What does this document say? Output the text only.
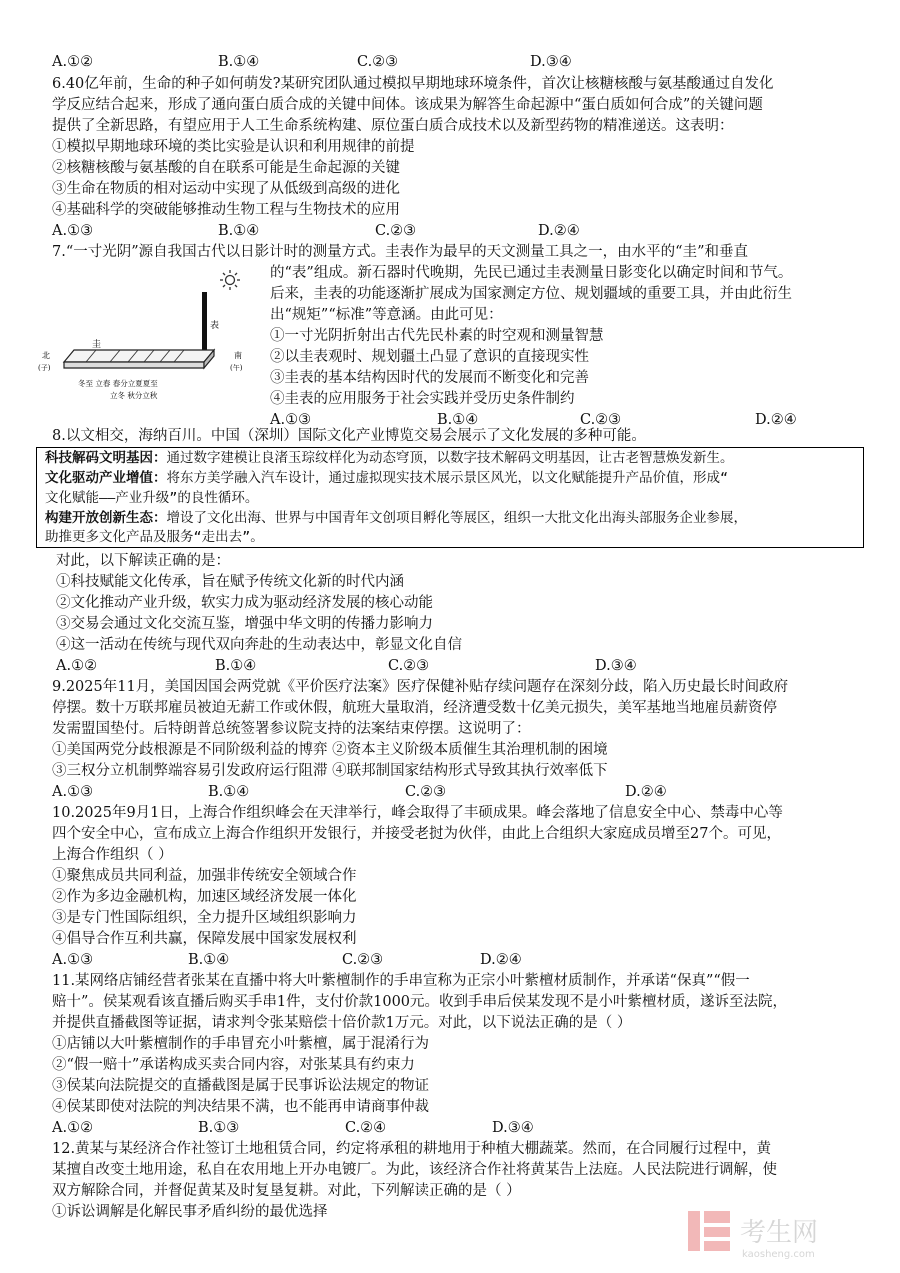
A.①②	B.①④	C.②③	D.③④
6.40亿年前，生命的种子如何萌发?某研究团队通过模拟早期地球环境条件，首次让核糖核酸与氨基酸通过自发化
学反应结合起来，形成了通向蛋白质合成的关键中间体。该成果为解答生命起源中“蛋白质如何合成”的关键问题
提供了全新思路，有望应用于人工生命系统构建、原位蛋白质合成技术以及新型药物的精准递送。这表明：
①模拟早期地球环境的类比实验是认识和利用规律的前提
②核糖核酸与氨基酸的自在联系可能是生命起源的关键
③生命在物质的相对运动中实现了从低级到高级的进化
④基础科学的突破能够推动生物工程与生物技术的应用
A.①③	B.①④	C.②③	D.②④
7.“一寸光阴”源自我国古代以日影计时的测量方式。圭表作为最早的天文测量工具之一，由水平的“圭”和垂直
的“表”组成。新石器时代晚期，先民已通过圭表测量日影变化以确定时间和节气。
后来，圭表的功能逐渐扩展成为国家测定方位、规划疆域的重要工具，并由此衍生
出“规矩”“标准”等意涵。由此可见：
①一寸光阴折射出古代先民朴素的时空观和测量智慧
②以圭表观时、规划疆土凸显了意识的直接现实性
③圭表的基本结构因时代的发展而不断变化和完善
④圭表的应用服务于社会实践并受历史条件制约
A.①③	B.①④	C.②③	D.②④
圭
表
北
(子)
南
(午)
冬至 立春 春分立夏夏至
立冬 秋分立秋
8.以文相交，海纳百川。中国（深圳）国际文化产业博览交易会展示了文化发展的多种可能。
科技解码文明基因：通过数字建模让良渚玉琮纹样化为动态穹顶，以数字技术解码文明基因，让古老智慧焕发新生。
文化驱动产业增值：将东方美学融入汽车设计，通过虚拟现实技术展示景区风光，以文化赋能提升产品价值，形成“
文化赋能——产业升级”的良性循环。
构建开放创新生态：增设了文化出海、世界与中国青年文创项目孵化等展区，组织一大批文化出海头部服务企业参展，
助推更多文化产品及服务“走出去”。
对此，以下解读正确的是：
①科技赋能文化传承，旨在赋予传统文化新的时代内涵
②文化推动产业升级，软实力成为驱动经济发展的核心动能
③交易会通过文化交流互鉴，增强中华文明的传播力影响力
④这一活动在传统与现代双向奔赴的生动表达中，彰显文化自信
A.①②	B.①④	C.②③	D.③④
9.2025年11月，美国因国会两党就《平价医疗法案》医疗保健补贴存续问题存在深刻分歧，陷入历史最长时间政府
停摆。数十万联邦雇员被迫无薪工作或休假，航班大量取消，经济遭受数十亿美元损失，美军基地当地雇员薪资停
发需盟国垫付。后特朗普总统签署参议院支持的法案结束停摆。这说明了：
①美国两党分歧根源是不同阶级利益的博弈 ②资本主义阶级本质催生其治理机制的困境
③三权分立机制弊端容易引发政府运行阻滞 ④联邦制国家结构形式导致其执行效率低下
A.①③	B.①④	C.②③	D.②④
10.2025年9月1日，上海合作组织峰会在天津举行，峰会取得了丰硕成果。峰会落地了信息安全中心、禁毒中心等
四个安全中心，宣布成立上海合作组织开发银行，并接受老挝为伙伴，由此上合组织大家庭成员增至27个。可见，
上海合作组织（ ）
①聚焦成员共同利益，加强非传统安全领域合作
②作为多边金融机构，加速区域经济发展一体化
③是专门性国际组织，全力提升区域组织影响力
④倡导合作互利共赢，保障发展中国家发展权利
A.①③	B.①④	C.②③	D.②④
11.某网络店铺经营者张某在直播中将大叶紫檀制作的手串宣称为正宗小叶紫檀材质制作，并承诺“保真”“假一
赔十”。侯某观看该直播后购买手串1件，支付价款1000元。收到手串后侯某发现不是小叶紫檀材质，遂诉至法院，
并提供直播截图等证据，请求判令张某赔偿十倍价款1万元。对此，以下说法正确的是（ ）
①店铺以大叶紫檀制作的手串冒充小叶紫檀，属于混淆行为
②“假一赔十”承诺构成买卖合同内容，对张某具有约束力
③侯某向法院提交的直播截图是属于民事诉讼法规定的物证
④侯某即使对法院的判决结果不满，也不能再申请商事仲裁
A.①②	B.①③	C.②④	D.③④
12.黄某与某经济合作社签订土地租赁合同，约定将承租的耕地用于种植大棚蔬菜。然而，在合同履行过程中，黄
某擅自改变土地用途，私自在农用地上开办电镀厂。为此，该经济合作社将黄某告上法庭。人民法院进行调解，使
双方解除合同，并督促黄某及时复垦复耕。对此，下列解读正确的是（ ）
①诉讼调解是化解民事矛盾纠纷的最优选择
考生网
kaosheng.com
